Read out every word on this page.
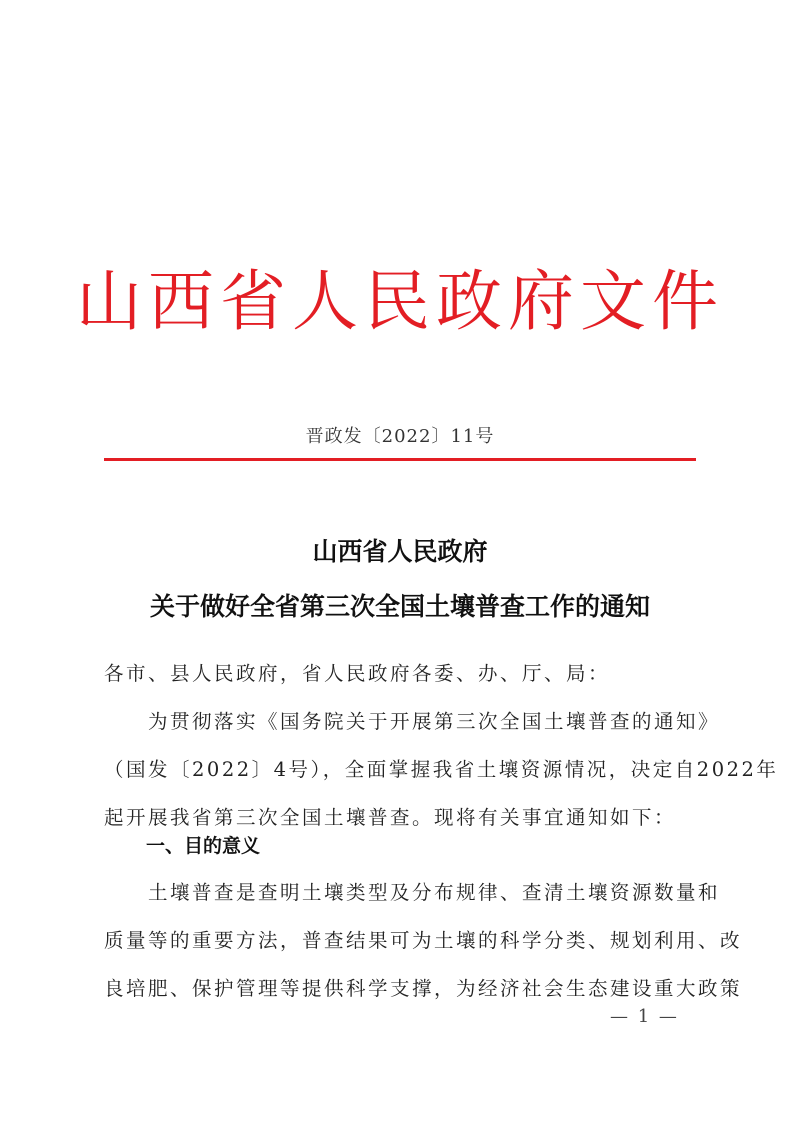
山西省人民政府文件
晋政发〔2022〕11号
山西省人民政府
关于做好全省第三次全国土壤普查工作的通知
各市、县人民政府，省人民政府各委、办、厅、局：
　　为贯彻落实《国务院关于开展第三次全国土壤普查的通知》
（国发〔2022〕4号），全面掌握我省土壤资源情况，决定自2022年
起开展我省第三次全国土壤普查。现将有关事宜通知如下：
一、目的意义
　　土壤普查是查明土壤类型及分布规律、查清土壤资源数量和
质量等的重要方法，普查结果可为土壤的科学分类、规划利用、改
良培肥、保护管理等提供科学支撑，为经济社会生态建设重大政策
— 1 —
